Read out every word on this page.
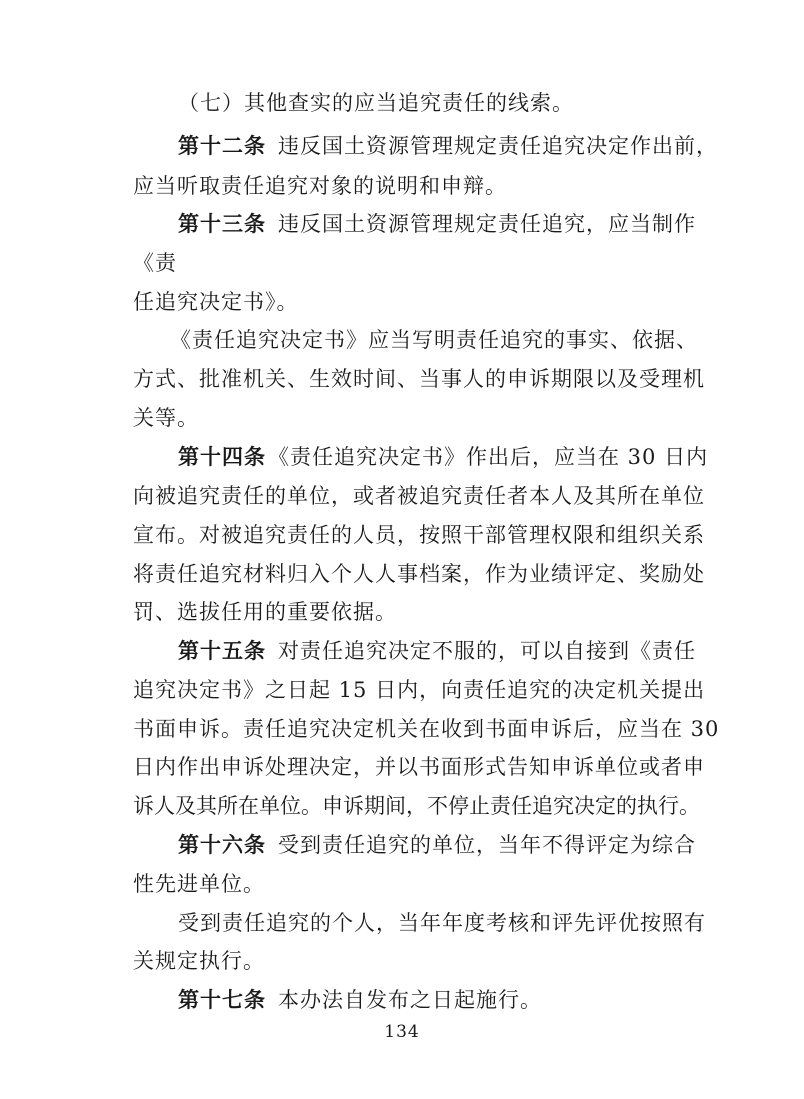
（七）其他查实的应当追究责任的线索。
第十二条 违反国土资源管理规定责任追究决定作出前，
应当听取责任追究对象的说明和申辩。
第十三条 违反国土资源管理规定责任追究，应当制作
《责
任追究决定书》。
《责任追究决定书》应当写明责任追究的事实、依据、
方式、批准机关、生效时间、当事人的申诉期限以及受理机
关等。
第十四条《责任追究决定书》作出后，应当在 30 日内
向被追究责任的单位，或者被追究责任者本人及其所在单位
宣布。对被追究责任的人员，按照干部管理权限和组织关系
将责任追究材料归入个人人事档案，作为业绩评定、奖励处
罚、选拔任用的重要依据。
第十五条 对责任追究决定不服的，可以自接到《责任
追究决定书》之日起 15 日内，向责任追究的决定机关提出
书面申诉。责任追究决定机关在收到书面申诉后，应当在 30
日内作出申诉处理决定，并以书面形式告知申诉单位或者申
诉人及其所在单位。申诉期间，不停止责任追究决定的执行。
第十六条 受到责任追究的单位，当年不得评定为综合
性先进单位。
受到责任追究的个人，当年年度考核和评先评优按照有
关规定执行。
第十七条 本办法自发布之日起施行。
134
